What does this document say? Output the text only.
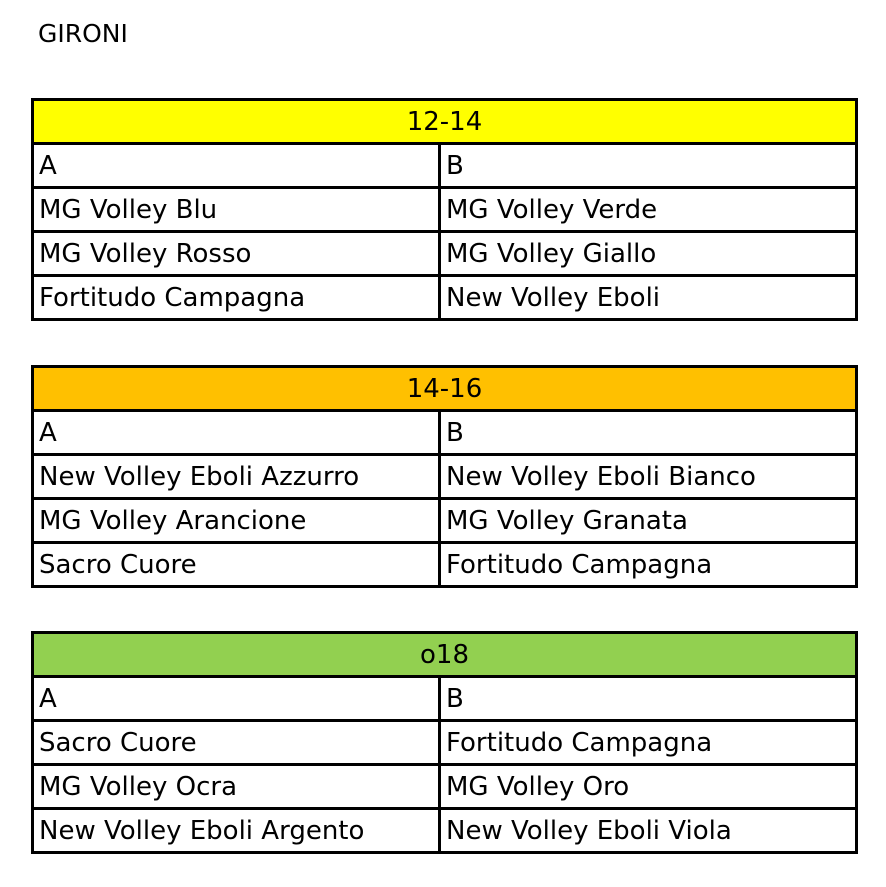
GIRONI
12-14	
A	B
MG Volley Blu	MG Volley Verde
MG Volley Rosso	MG Volley Giallo
Fortitudo Campagna	New Volley Eboli
14-16	
A	B
New Volley Eboli Azzurro	New Volley Eboli Bianco
MG Volley Arancione	MG Volley Granata
Sacro Cuore	Fortitudo Campagna
o18	
A	B
Sacro Cuore	Fortitudo Campagna
MG Volley Ocra	MG Volley Oro
New Volley Eboli Argento	New Volley Eboli Viola
